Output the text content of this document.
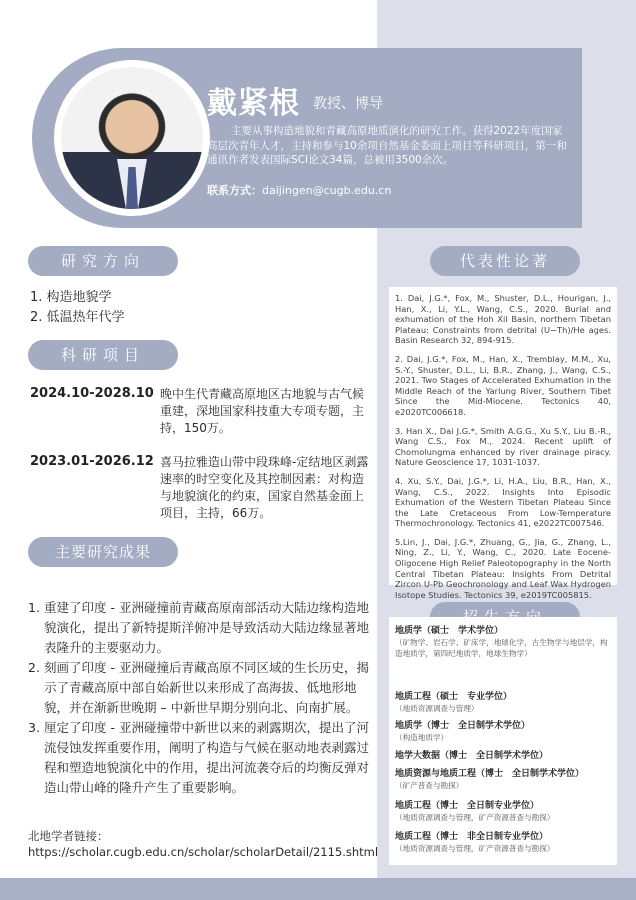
戴紧根 教授、博导
主要从事构造地貌和青藏高原地质演化的研究工作。获得2022年度国家高层次青年人才，主持和参与10余项自然基金委面上项目等科研项目，第一和通讯作者发表国际SCI论文34篇，总被用3500余次。
联系方式：daijingen@cugb.edu.cn
研究方向
1. 构造地貌学
2. 低温热年代学
科研项目
2024.10-2028.10 晚中生代青藏高原地区古地貌与古气候重建，深地国家科技重大专项专题，主持，150万。
2023.01-2026.12 喜马拉雅造山带中段珠峰-定结地区剥露速率的时空变化及其控制因素：对构造与地貌演化的约束，国家自然基金面上项目，主持，66万。
主要研究成果
1. 重建了印度 - 亚洲碰撞前青藏高原南部活动大陆边缘构造地貌演化，提出了新特提斯洋俯冲是导致活动大陆边缘显著地表隆升的主要驱动力。
2. 刻画了印度 - 亚洲碰撞后青藏高原不同区域的生长历史，揭示了青藏高原中部自始新世以来形成了高海拔、低地形地貌，并在渐新世晚期 – 中新世早期分别向北、向南扩展。
3. 厘定了印度 - 亚洲碰撞带中新世以来的剥露期次，提出了河流侵蚀发挥重要作用，阐明了构造与气候在驱动地表剥露过程和塑造地貌演化中的作用，提出河流袭夺后的均衡反弹对造山带山峰的隆升产生了重要影响。
北地学者链接：
https://scholar.cugb.edu.cn/scholar/scholarDetail/2115.shtml
代表性论著
1. Dai, J.G.*, Fox, M., Shuster, D.L., Hourigan, J., Han, X., Li, Y.L., Wang, C.S., 2020. Burial and exhumation of the Hoh Xil Basin, northern Tibetan Plateau: Constraints from detrital (U−Th)/He ages. Basin Research 32, 894-915.
2. Dai, J.G.*, Fox, M., Han, X., Tremblay, M.M., Xu, S.-Y., Shuster, D.L., Li, B.R., Zhang, J., Wang, C.S., 2021. Two Stages of Accelerated Exhumation in the Middle Reach of the Yarlung River, Southern Tibet Since the Mid-Miocene. Tectonics 40, e2020TC006618.
3. Han X., Dai J.G.*, Smith A.G.G., Xu S.Y., Liu B.-R., Wang C.S., Fox M., 2024. Recent uplift of Chomolungma enhanced by river drainage piracy. Nature Geoscience 17, 1031-1037.
4. Xu, S.Y., Dai, J.G.*, Li, H.A., Liu, B.R., Han, X., Wang, C.S., 2022. Insights Into Episodic Exhumation of the Western Tibetan Plateau Since the Late Cretaceous From Low-Temperature Thermochronology. Tectonics 41, e2022TC007546.
5.Lin, J., Dai, J.G.*, Zhuang, G., Jia, G., Zhang, L., Ning, Z., Li, Y., Wang, C., 2020. Late Eocene-Oligocene High Relief Paleotopography in the North Central Tibetan Plateau: Insights From Detrital Zircon U-Pb Geochronology and Leaf Wax Hydrogen Isotope Studies. Tectonics 39, e2019TC005815.
地质学（硕士　学术学位）
（矿物学、岩石学、矿床学，地球化学，古生物学与地层学，构造地质学，第四纪地质学，地球生物学）
地质工程（硕士　专业学位）
（地质资源调查与管理）
地质学（博士　全日制学术学位）
（构造地质学）
地学大数据（博士　全日制学术学位）
地质资源与地质工程（博士　全日制学术学位）
（矿产普查与勘探）
地质工程（博士　全日制专业学位）
（地质资源调查与管理，矿产资源普查与勘探）
地质工程（博士　非全日制专业学位）
（地质资源调查与管理，矿产资源普查与勘探）
